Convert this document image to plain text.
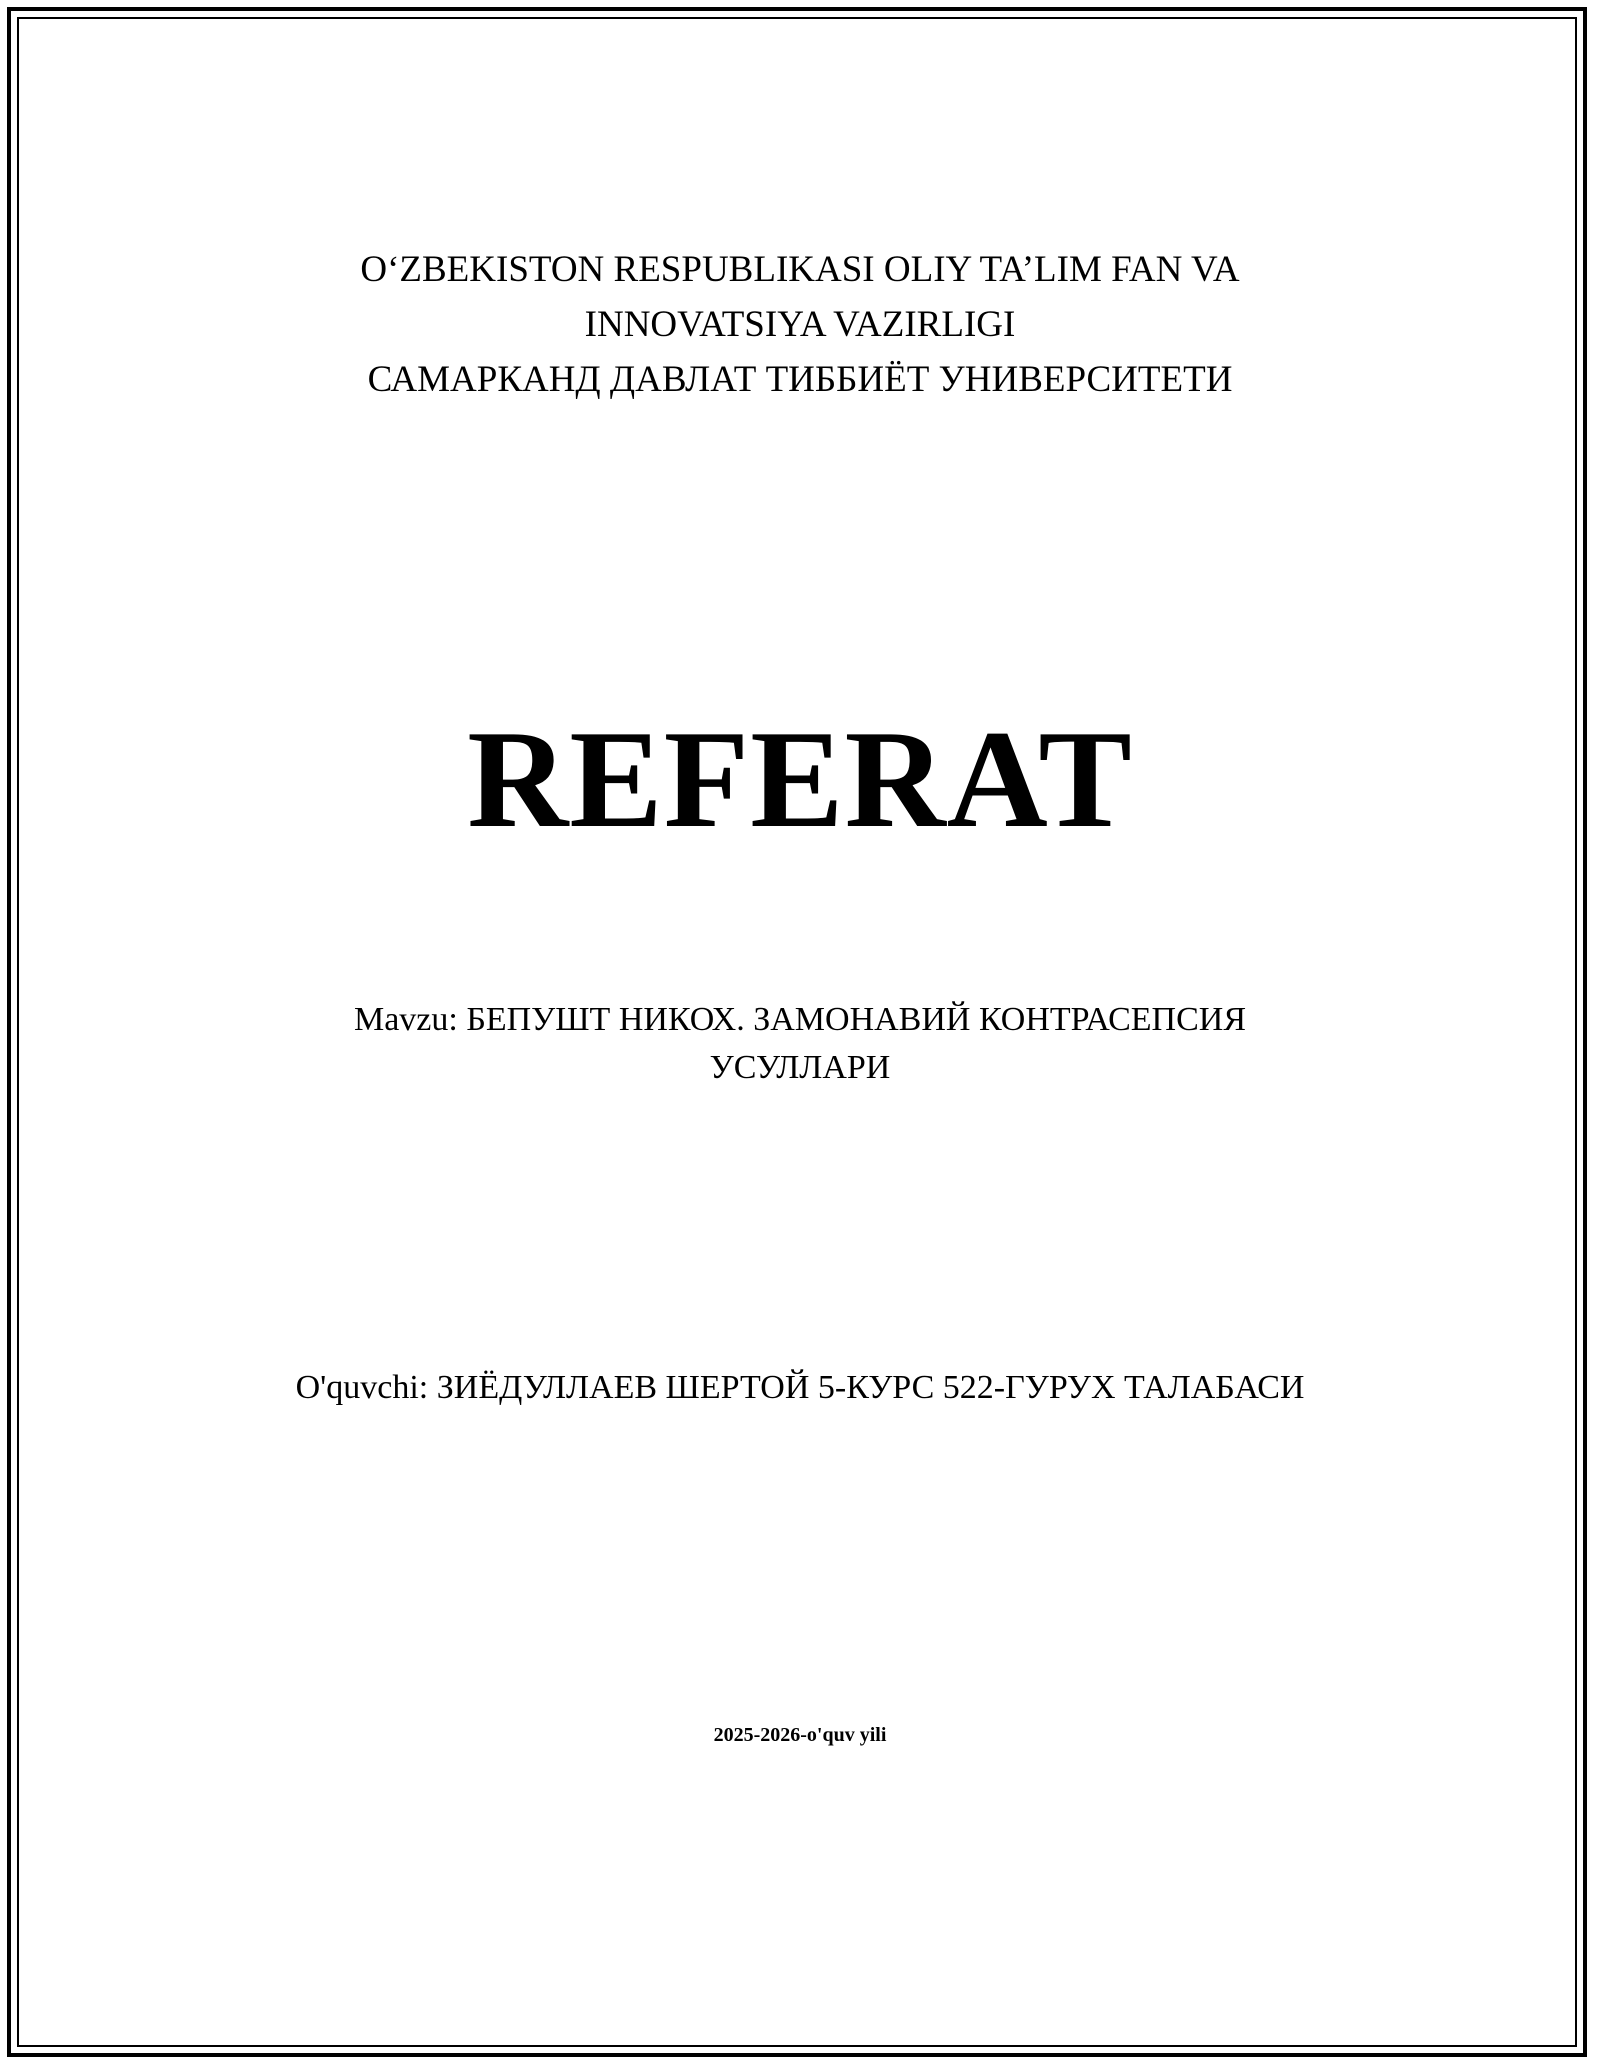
O‘ZBEKISTON RESPUBLIKASI OLIY TA’LIM FAN VA
INNOVATSIYA VAZIRLIGI
САМАРКАНД ДАВЛАТ ТИББИЁТ УНИВЕРСИТЕТИ
REFERAT
Mavzu: БЕПУШТ НИКОХ. ЗАМОНАВИЙ КОНТРАСЕПСИЯ
УСУЛЛАРИ
O'quvchi: ЗИЁДУЛЛАЕВ ШЕРТОЙ 5-КУРС 522-ГУРУХ ТАЛАБАСИ
2025-2026-o'quv yili
